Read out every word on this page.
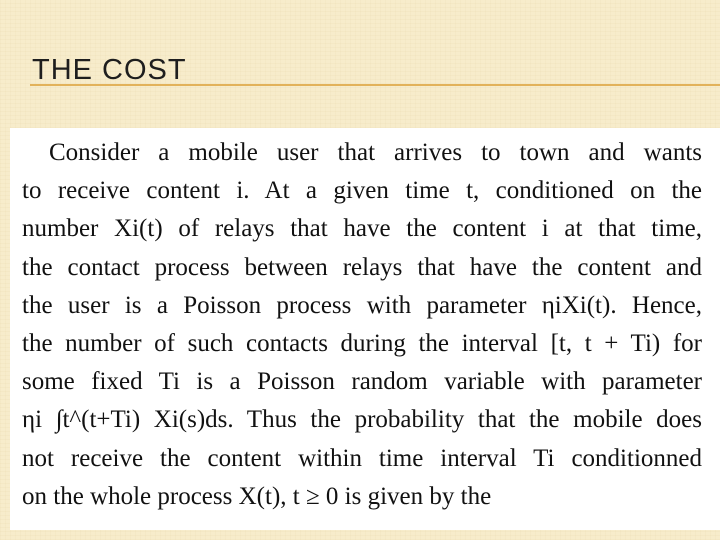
THE COST
Consider a mobile user that arrives to town and wants
to receive content i. At a given time t, conditioned on the
number Xi(t) of relays that have the content i at that time,
the contact process between relays that have the content and
the user is a Poisson process with parameter ηiXi(t). Hence,
the number of such contacts during the interval [t, t + Ti) for
some fixed Ti is a Poisson random variable with parameter
ηi ∫t^(t+Ti) Xi(s)ds. Thus the probability that the mobile does
not receive the content within time interval Ti conditionned
on the whole process X(t), t ≥ 0 is given by the
